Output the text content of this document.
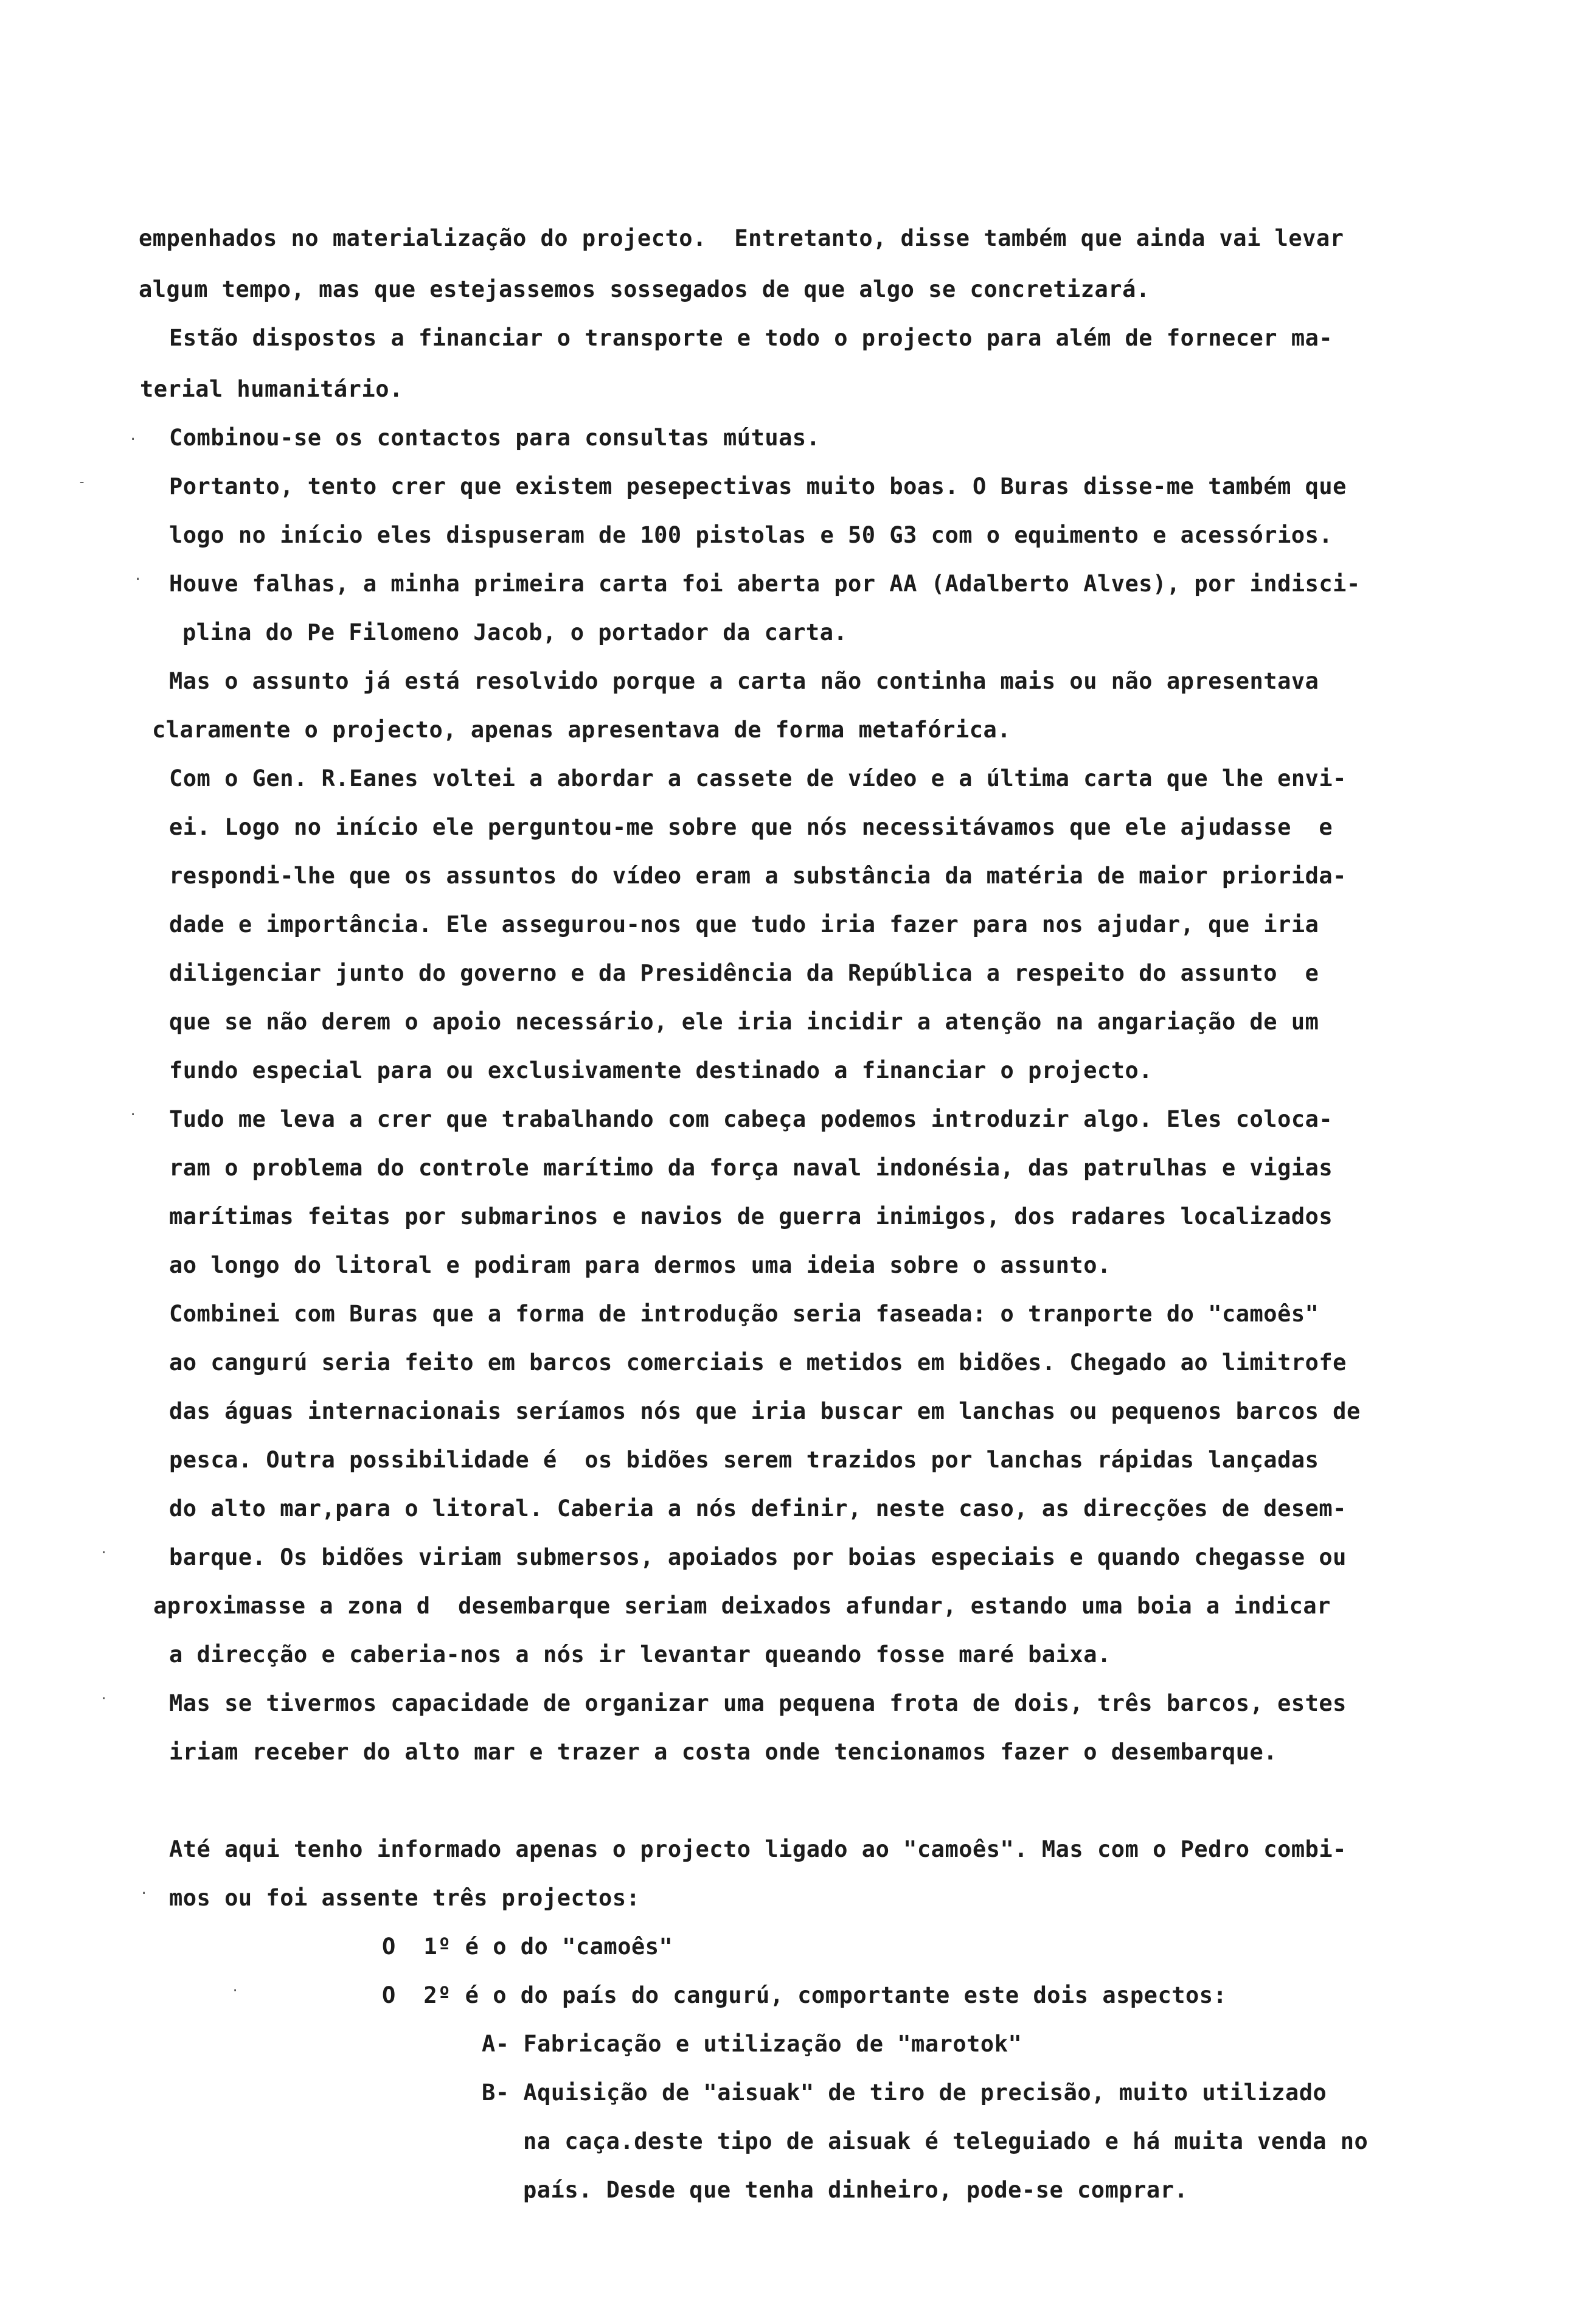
empenhados no materialização do projecto.  Entretanto, disse também que ainda vai levar
algum tempo, mas que estejassemos sossegados de que algo se concretizará.
Estão dispostos a financiar o transporte e todo o projecto para além de fornecer ma-
terial humanitário.
Combinou-se os contactos para consultas mútuas.
Portanto, tento crer que existem pesepectivas muito boas. O Buras disse-me também que
logo no início eles dispuseram de 100 pistolas e 50 G3 com o equimento e acessórios.
Houve falhas, a minha primeira carta foi aberta por AA (Adalberto Alves), por indisci-
plina do Pe Filomeno Jacob, o portador da carta.
Mas o assunto já está resolvido porque a carta não continha mais ou não apresentava
claramente o projecto, apenas apresentava de forma metafórica.
Com o Gen. R.Eanes voltei a abordar a cassete de vídeo e a última carta que lhe envi-
ei. Logo no início ele perguntou-me sobre que nós necessitávamos que ele ajudasse  e
respondi-lhe que os assuntos do vídeo eram a substância da matéria de maior priorida-
dade e importância. Ele assegurou-nos que tudo iria fazer para nos ajudar, que iria
diligenciar junto do governo e da Presidência da República a respeito do assunto  e
que se não derem o apoio necessário, ele iria incidir a atenção na angariação de um
fundo especial para ou exclusivamente destinado a financiar o projecto.
Tudo me leva a crer que trabalhando com cabeça podemos introduzir algo. Eles coloca-
ram o problema do controle marítimo da força naval indonésia, das patrulhas e vigias
marítimas feitas por submarinos e navios de guerra inimigos, dos radares localizados
ao longo do litoral e podiram para dermos uma ideia sobre o assunto.
Combinei com Buras que a forma de introdução seria faseada: o tranporte do "camoês"
ao cangurú seria feito em barcos comerciais e metidos em bidões. Chegado ao limitrofe
das águas internacionais seríamos nós que iria buscar em lanchas ou pequenos barcos de
pesca. Outra possibilidade é  os bidões serem trazidos por lanchas rápidas lançadas
do alto mar,para o litoral. Caberia a nós definir, neste caso, as direcções de desem-
barque. Os bidões viriam submersos, apoiados por boias especiais e quando chegasse ou
aproximasse a zona d  desembarque seriam deixados afundar, estando uma boia a indicar
a direcção e caberia-nos a nós ir levantar queando fosse maré baixa.
Mas se tivermos capacidade de organizar uma pequena frota de dois, três barcos, estes
iriam receber do alto mar e trazer a costa onde tencionamos fazer o desembarque.
Até aqui tenho informado apenas o projecto ligado ao "camoês". Mas com o Pedro combi-
mos ou foi assente três projectos:
O  1º é o do "camoês"
O  2º é o do país do cangurú, comportante este dois aspectos:
A- Fabricação e utilização de "marotok"
B- Aquisição de "aisuak" de tiro de precisão, muito utilizado
na caça.deste tipo de aisuak é teleguiado e há muita venda no
país. Desde que tenha dinheiro, pode-se comprar.
·
-
·
·
·
·
·
·
